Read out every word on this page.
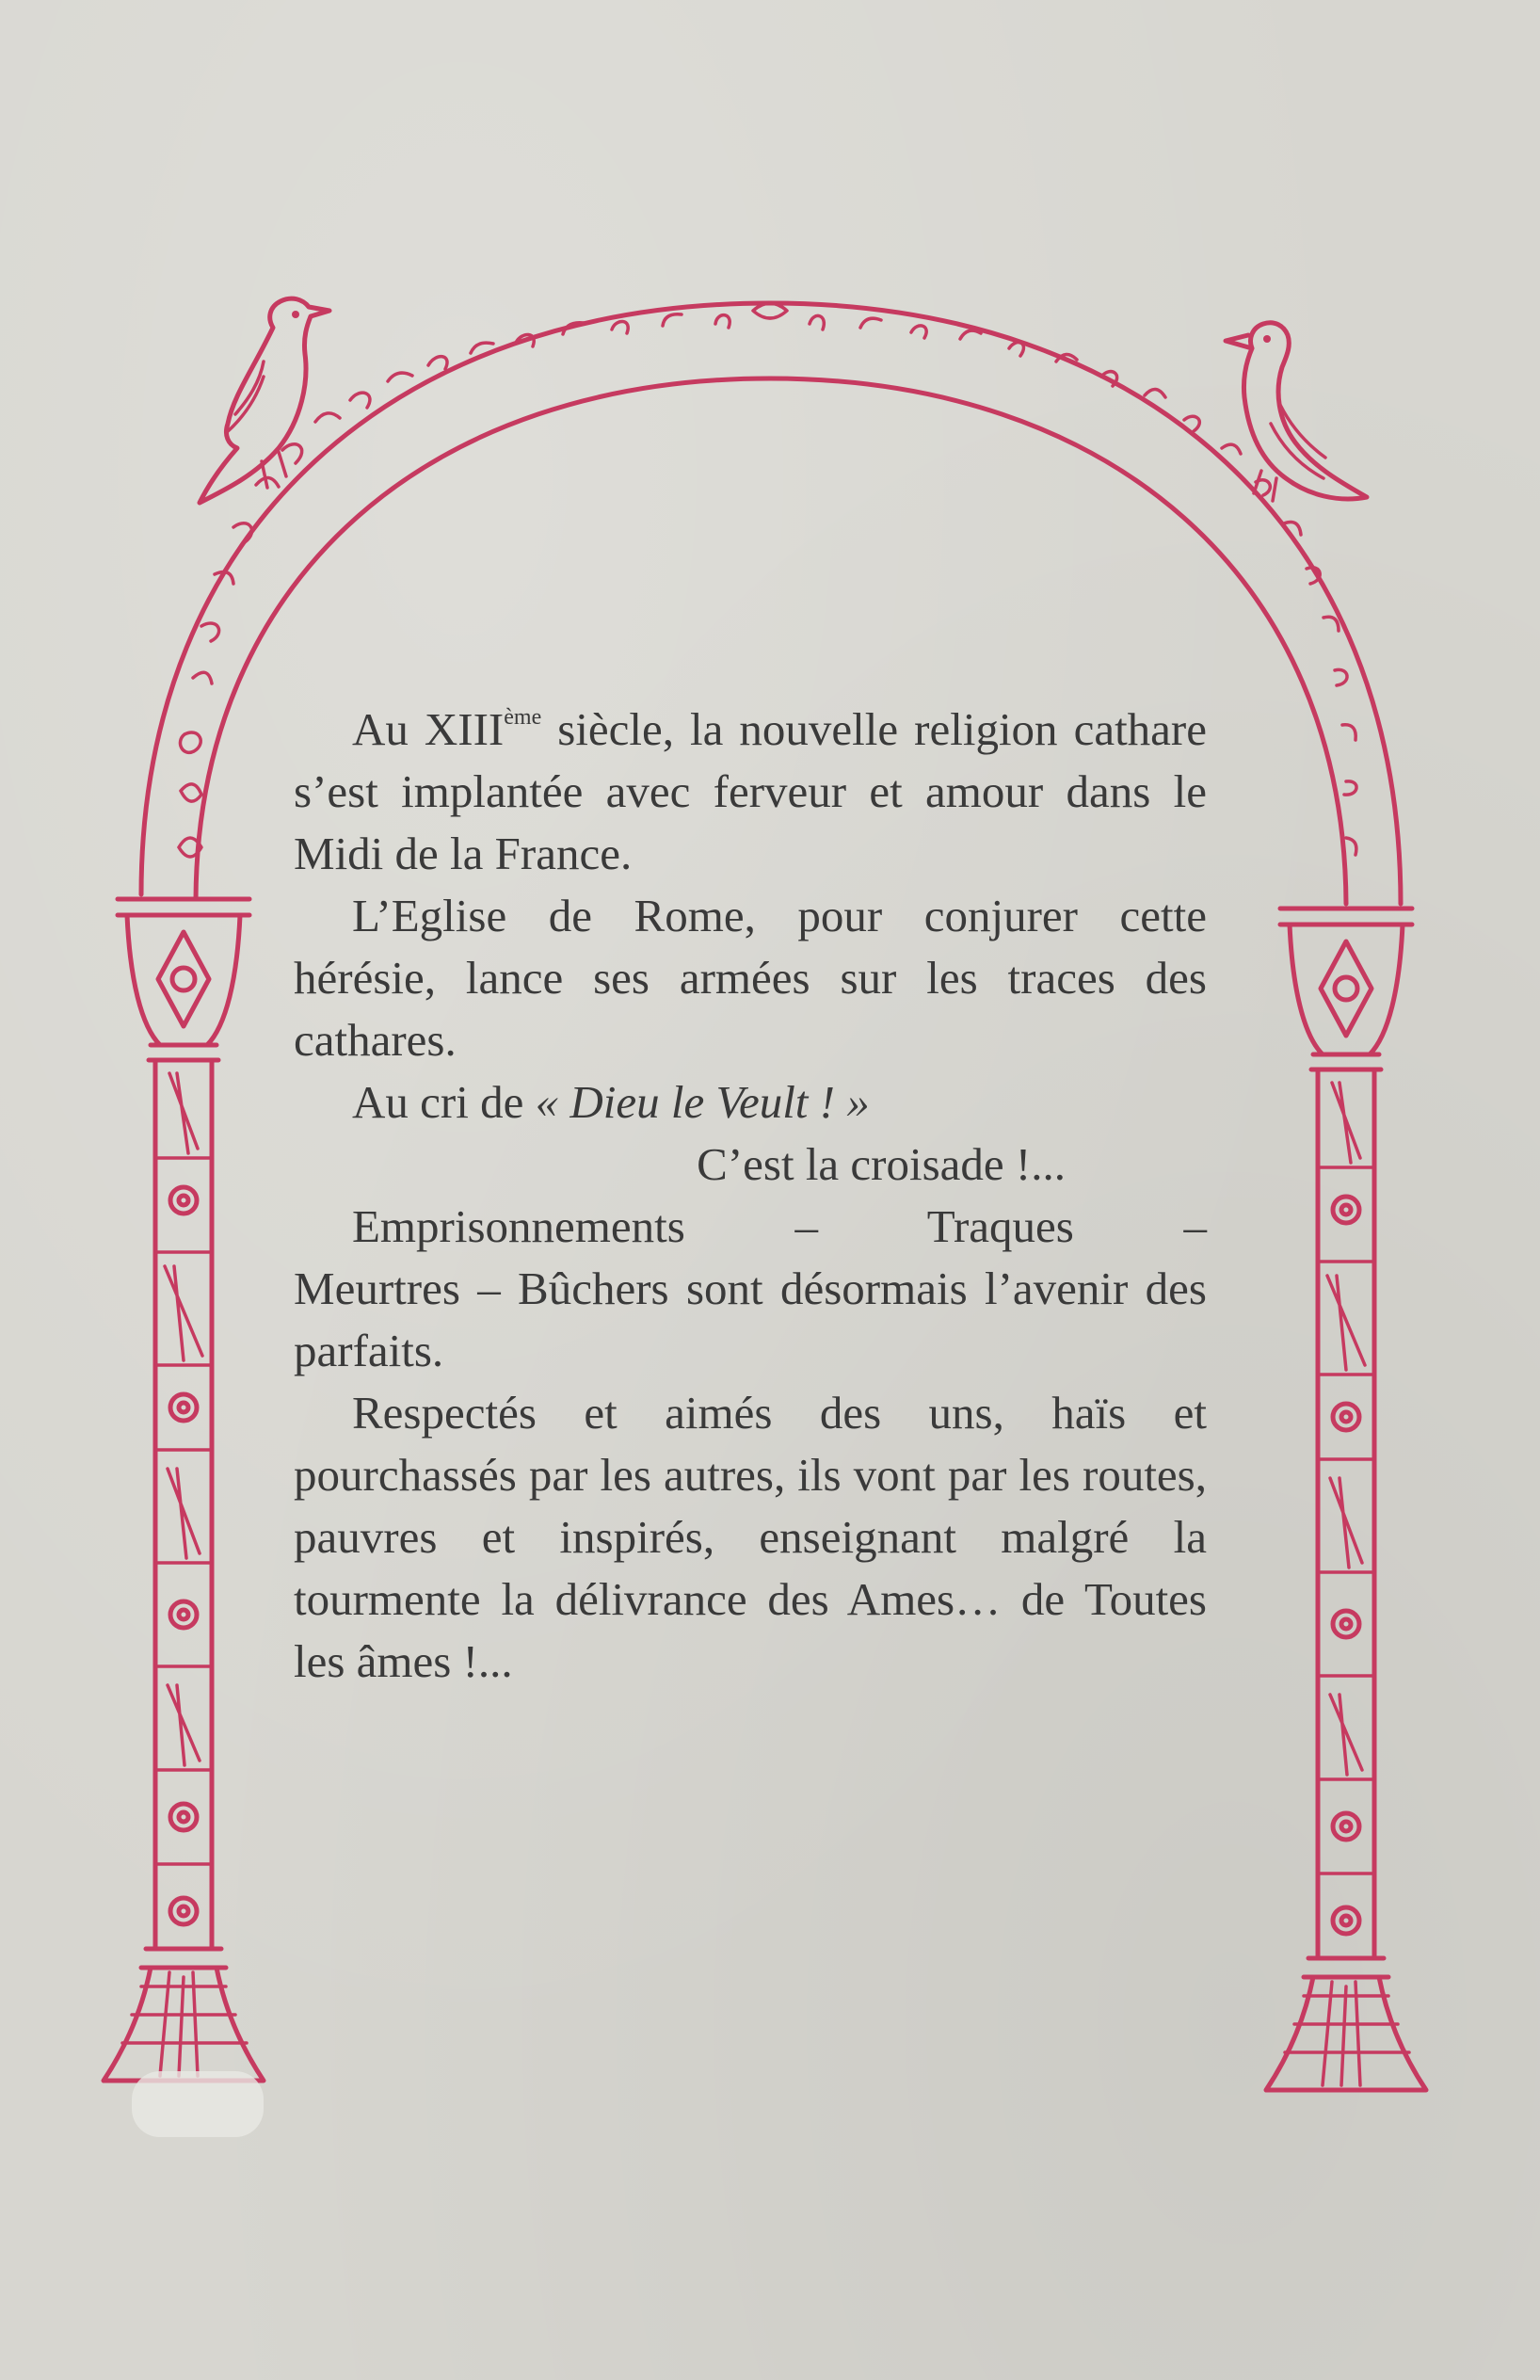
Au XIIIème siècle, la nouvelle religion cathare s’est implantée avec ferveur et amour dans le Midi de la France.

L’Eglise de Rome, pour conjurer cette hérésie, lance ses armées sur les traces des cathares.

Au cri de « Dieu le Veult ! »

C’est la croisade !...

Emprisonnements – Traques –

Meurtres – Bûchers sont désormais l’avenir des parfaits.

Respectés et aimés des uns, haïs et pourchassés par les autres, ils vont par les routes, pauvres et inspirés, enseignant malgré la tourmente la délivrance des Ames… de Toutes les âmes !...
